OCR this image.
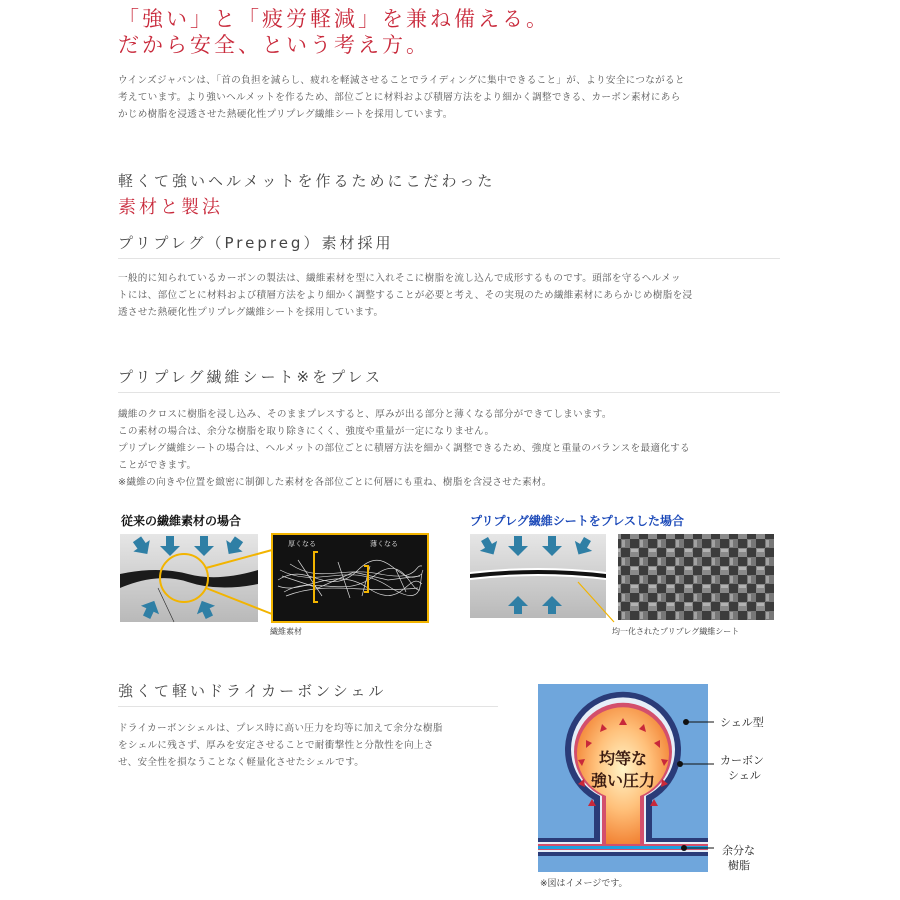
「強い」と「疲労軽減」を兼ね備える。
だから安全、という考え方。
ウインズジャパンは、「首の負担を減らし、疲れを軽減させることでライディングに集中できること」が、より安全につながると
考えています。より強いヘルメットを作るため、部位ごとに材料および積層方法をより細かく調整できる、カーボン素材にあら
かじめ樹脂を浸透させた熱硬化性プリプレグ繊維シートを採用しています。
軽くて強いヘルメットを作るためにこだわった
素材と製法
プリプレグ（Prepreg）素材採用
一般的に知られているカーボンの製法は、繊維素材を型に入れそこに樹脂を流し込んで成形するものです。頭部を守るヘルメッ
トには、部位ごとに材料および積層方法をより細かく調整することが必要と考え、その実現のため繊維素材にあらかじめ樹脂を浸
透させた熱硬化性プリプレグ繊維シートを採用しています。
プリプレグ繊維シート※をプレス
繊維のクロスに樹脂を浸し込み、そのままプレスすると、厚みが出る部分と薄くなる部分ができてしまいます。
この素材の場合は、余分な樹脂を取り除きにくく、強度や重量が一定になりません。
プリプレグ繊維シートの場合は、ヘルメットの部位ごとに積層方法を細かく調整できるため、強度と重量のバランスを最適化する
ことができます。
※繊維の向きや位置を緻密に制御した素材を各部位ごとに何層にも重ね、樹脂を含浸させた素材。
従来の繊維素材の場合	プリプレグ繊維シートをプレスした場合
厚くなる	薄くなる
繊維素材	均一化されたプリプレグ繊維シート
強くて軽いドライカーボンシェル
ドライカーボンシェルは、プレス時に高い圧力を均等に加えて余分な樹脂
をシェルに残さず、厚みを安定させることで耐衝撃性と分散性を向上さ
せ、安全性を損なうことなく軽量化させたシェルです。	均等な
強い圧力
シェル型
カーボン
シェル
余分な
樹脂
※図はイメージです。
